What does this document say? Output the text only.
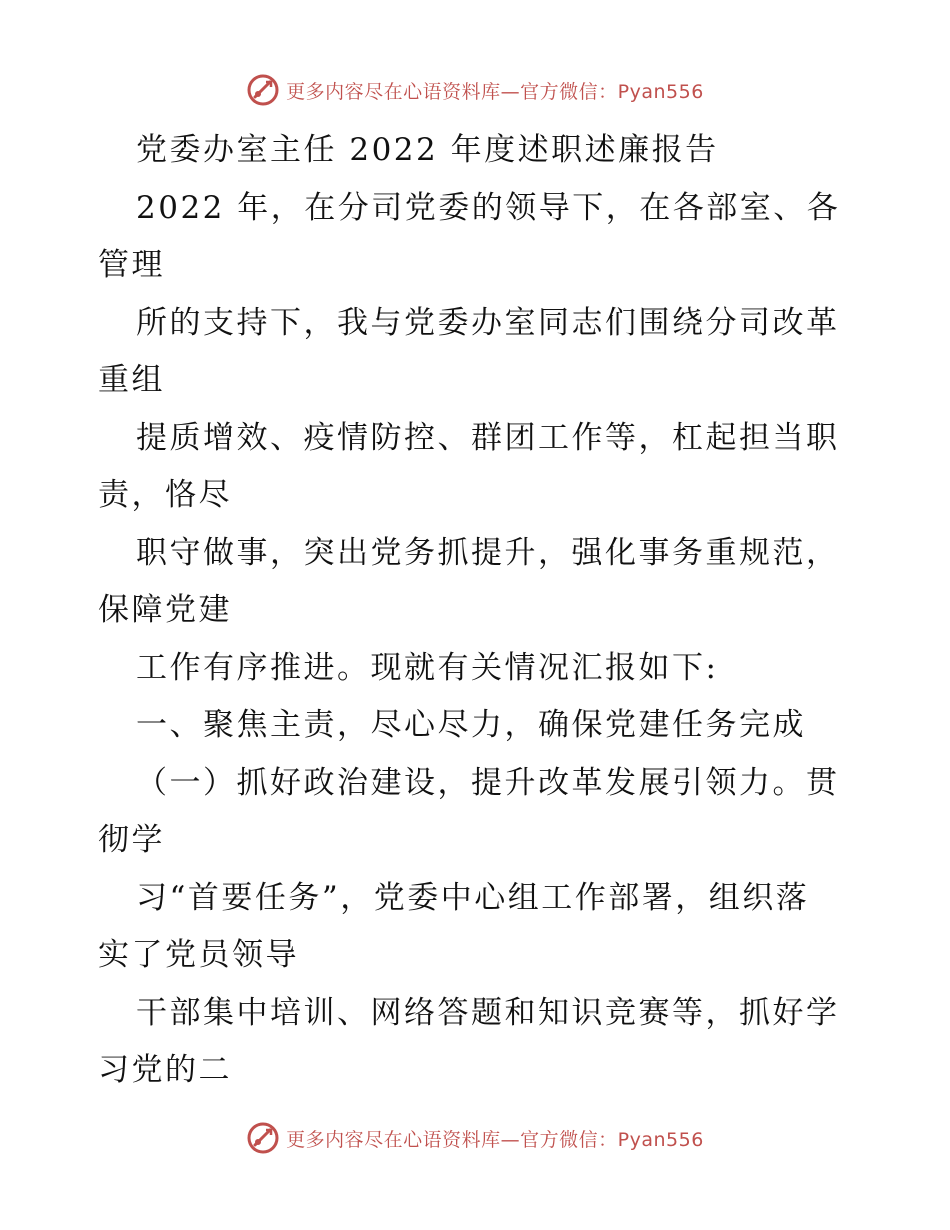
更多内容尽在心语资料库—官方微信：Pyan556
党委办室主任 2022 年度述职述廉报告
2022 年，在分司党委的领导下，在各部室、各
管理
所的支持下，我与党委办室同志们围绕分司改革
重组
提质增效、疫情防控、群团工作等，杠起担当职
责，恪尽
职守做事，突出党务抓提升，强化事务重规范，
保障党建
工作有序推进。现就有关情况汇报如下:
一、聚焦主责，尽心尽力，确保党建任务完成
（一）抓好政治建设，提升改革发展引领力。贯
彻学
习“首要任务”，党委中心组工作部署，组织落
实了党员领导
干部集中培训、网络答题和知识竞赛等，抓好学
习党的二
更多内容尽在心语资料库—官方微信：Pyan556
